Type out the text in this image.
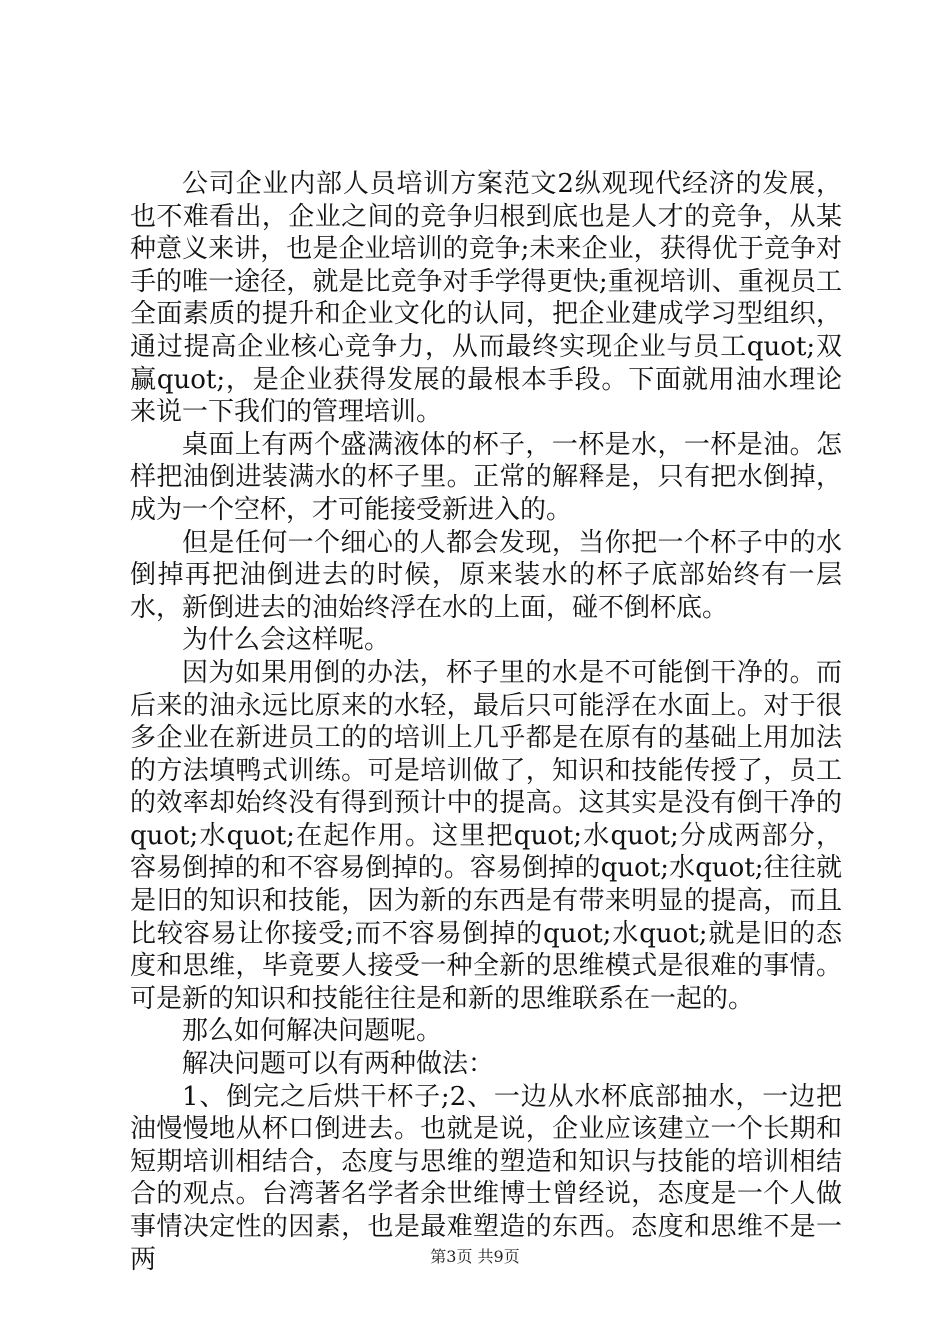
公司企业内部人员培训方案范文2纵观现代经济的发展，也不难看出，企业之间的竞争归根到底也是人才的竞争，从某种意义来讲，也是企业培训的竞争;未来企业，获得优于竞争对手的唯一途径，就是比竞争对手学得更快;重视培训、重视员工全面素质的提升和企业文化的认同，把企业建成学习型组织，通过提高企业核心竞争力，从而最终实现企业与员工quot;双赢quot;，是企业获得发展的最根本手段。下面就用油水理论来说一下我们的管理培训。

桌面上有两个盛满液体的杯子，一杯是水，一杯是油。怎样把油倒进装满水的杯子里。正常的解释是，只有把水倒掉，成为一个空杯，才可能接受新进入的。

但是任何一个细心的人都会发现，当你把一个杯子中的水倒掉再把油倒进去的时候，原来装水的杯子底部始终有一层水，新倒进去的油始终浮在水的上面，碰不倒杯底。

为什么会这样呢。

因为如果用倒的办法，杯子里的水是不可能倒干净的。而后来的油永远比原来的水轻，最后只可能浮在水面上。对于很多企业在新进员工的的培训上几乎都是在原有的基础上用加法的方法填鸭式训练。可是培训做了，知识和技能传授了，员工的效率却始终没有得到预计中的提高。这其实是没有倒干净的quot;水quot;在起作用。这里把quot;水quot;分成两部分，容易倒掉的和不容易倒掉的。容易倒掉的quot;水quot;往往就是旧的知识和技能，因为新的东西是有带来明显的提高，而且比较容易让你接受;而不容易倒掉的quot;水quot;就是旧的态度和思维，毕竟要人接受一种全新的思维模式是很难的事情。可是新的知识和技能往往是和新的思维联系在一起的。

那么如何解决问题呢。

解决问题可以有两种做法：

1、倒完之后烘干杯子;2、一边从水杯底部抽水，一边把油慢慢地从杯口倒进去。也就是说，企业应该建立一个长期和短期培训相结合，态度与思维的塑造和知识与技能的培训相结合的观点。台湾著名学者余世维博士曾经说，态度是一个人做事情决定性的因素，也是最难塑造的东西。态度和思维不是一两	第3页 共9页
